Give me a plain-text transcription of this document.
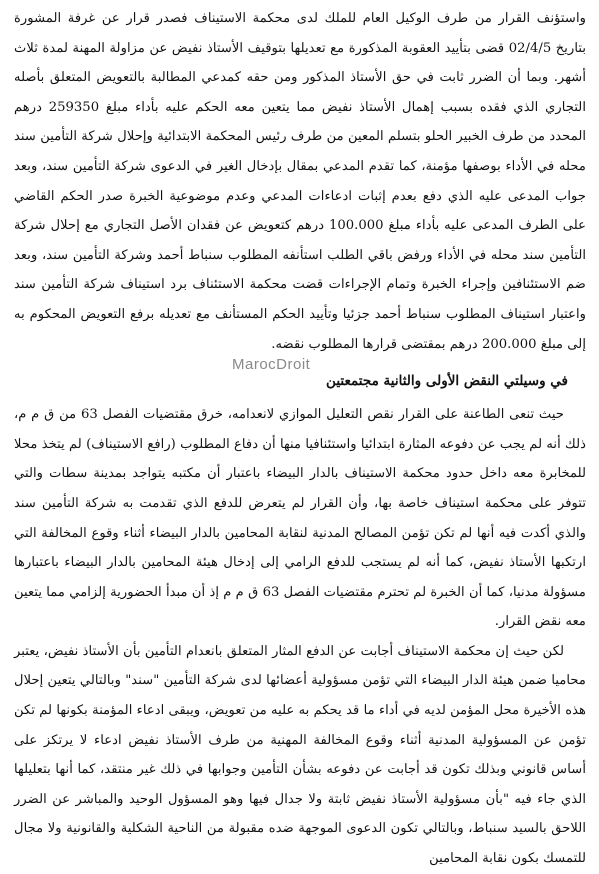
واستؤنف القرار من طرف الوكيل العام للملك لدى محكمة الاستيناف فصدر قرار عن غرفة المشورة بتاريخ 02/4/5 قضى بتأييد العقوبة المذكورة مع تعديلها بتوقيف الأستاذ نفيض عن مزاولة المهنة لمدة ثلاث أشهر. وبما أن الضرر ثابت في حق الأستاذ المذكور ومن حقه كمدعي المطالبة بالتعويض المتعلق بأصله التجاري الذي فقده بسبب إهمال الأستاذ نفيض مما يتعين معه الحكم عليه بأداء مبلغ 259350 درهم المحدد من طرف الخبير الحلو بتسلم المعين من طرف رئيس المحكمة الابتدائية وإحلال شركة التأمين سند محله في الأداء بوصفها مؤمنة، كما تقدم المدعي بمقال بإدخال الغير في الدعوى شركة التأمين سند، وبعد جواب المدعى عليه الذي دفع بعدم إثبات ادعاءات المدعي وعدم موضوعية الخبرة صدر الحكم القاضي على الطرف المدعى عليه بأداء مبلغ 100.000 درهم كتعويض عن فقدان الأصل التجاري مع إحلال شركة التأمين سند محله في الأداء ورفض باقي الطلب استأنفه المطلوب سنباط أحمد وشركة التأمين سند، وبعد ضم الاستئنافين وإجراء الخبرة وتمام الإجراءات قضت محكمة الاستئناف برد استيناف شركة التأمين سند واعتبار استيناف المطلوب سنباط أحمد جزئيا وتأييد الحكم المستأنف مع تعديله برفع التعويض المحكوم به إلى مبلغ 200.000 درهم بمقتضى قرارها المطلوب نقضه.

في وسيلتي النقض الأولى والثانية مجتمعتين

حيث تنعى الطاعنة على القرار نقص التعليل الموازي لانعدامه، خرق مقتضيات الفصل 63 من ق م م، ذلك أنه لم يجب عن دفوعه المثارة ابتدائيا واستئنافيا منها أن دفاع المطلوب (رافع الاستيناف) لم يتخذ محلا للمخابرة معه داخل حدود محكمة الاستيناف بالدار البيضاء باعتبار أن مكتبه يتواجد بمدينة سطات والتي تتوفر على محكمة استيناف خاصة بها، وأن القرار لم يتعرض للدفع الذي تقدمت به شركة التأمين سند والذي أكدت فيه أنها لم تكن تؤمن المصالح المدنية لنقابة المحامين بالدار البيضاء أثناء وقوع المخالفة التي ارتكبها الأستاذ نفيض، كما أنه لم يستجب للدفع الرامي إلى إدخال هيئة المحامين بالدار البيضاء باعتبارها مسؤولة مدنيا، كما أن الخبرة لم تحترم مقتضيات الفصل 63 ق م م إذ أن مبدأ الحضورية إلزامي مما يتعين معه نقض القرار.

لكن حيث إن محكمة الاستيناف أجابت عن الدفع المثار المتعلق بانعدام التأمين بأن الأستاذ نفيض، يعتبر محاميا ضمن هيئة الدار البيضاء التي تؤمن مسؤولية أعضائها لدى شركة التأمين "سند" وبالتالي يتعين إحلال هذه الأخيرة محل المؤمن لديه في أداء ما قد يحكم به عليه من تعويض، ويبقى ادعاء المؤمنة بكونها لم تكن تؤمن عن المسؤولية المدنية أثناء وقوع المخالفة المهنية من طرف الأستاذ نفيض ادعاء لا يرتكز على أساس قانوني وبذلك تكون قد أجابت عن دفوعه بشأن التأمين وجوابها في ذلك غير منتقد، كما أنها بتعليلها الذي جاء فيه "بأن مسؤولية الأستاذ نفيض ثابتة ولا جدال فيها وهو المسؤول الوحيد والمباشر عن الضرر اللاحق بالسيد سنباط، وبالتالي تكون الدعوى الموجهة ضده مقبولة من الناحية الشكلية والقانونية ولا مجال للتمسك بكون نقابة المحامين

MarocDroit
